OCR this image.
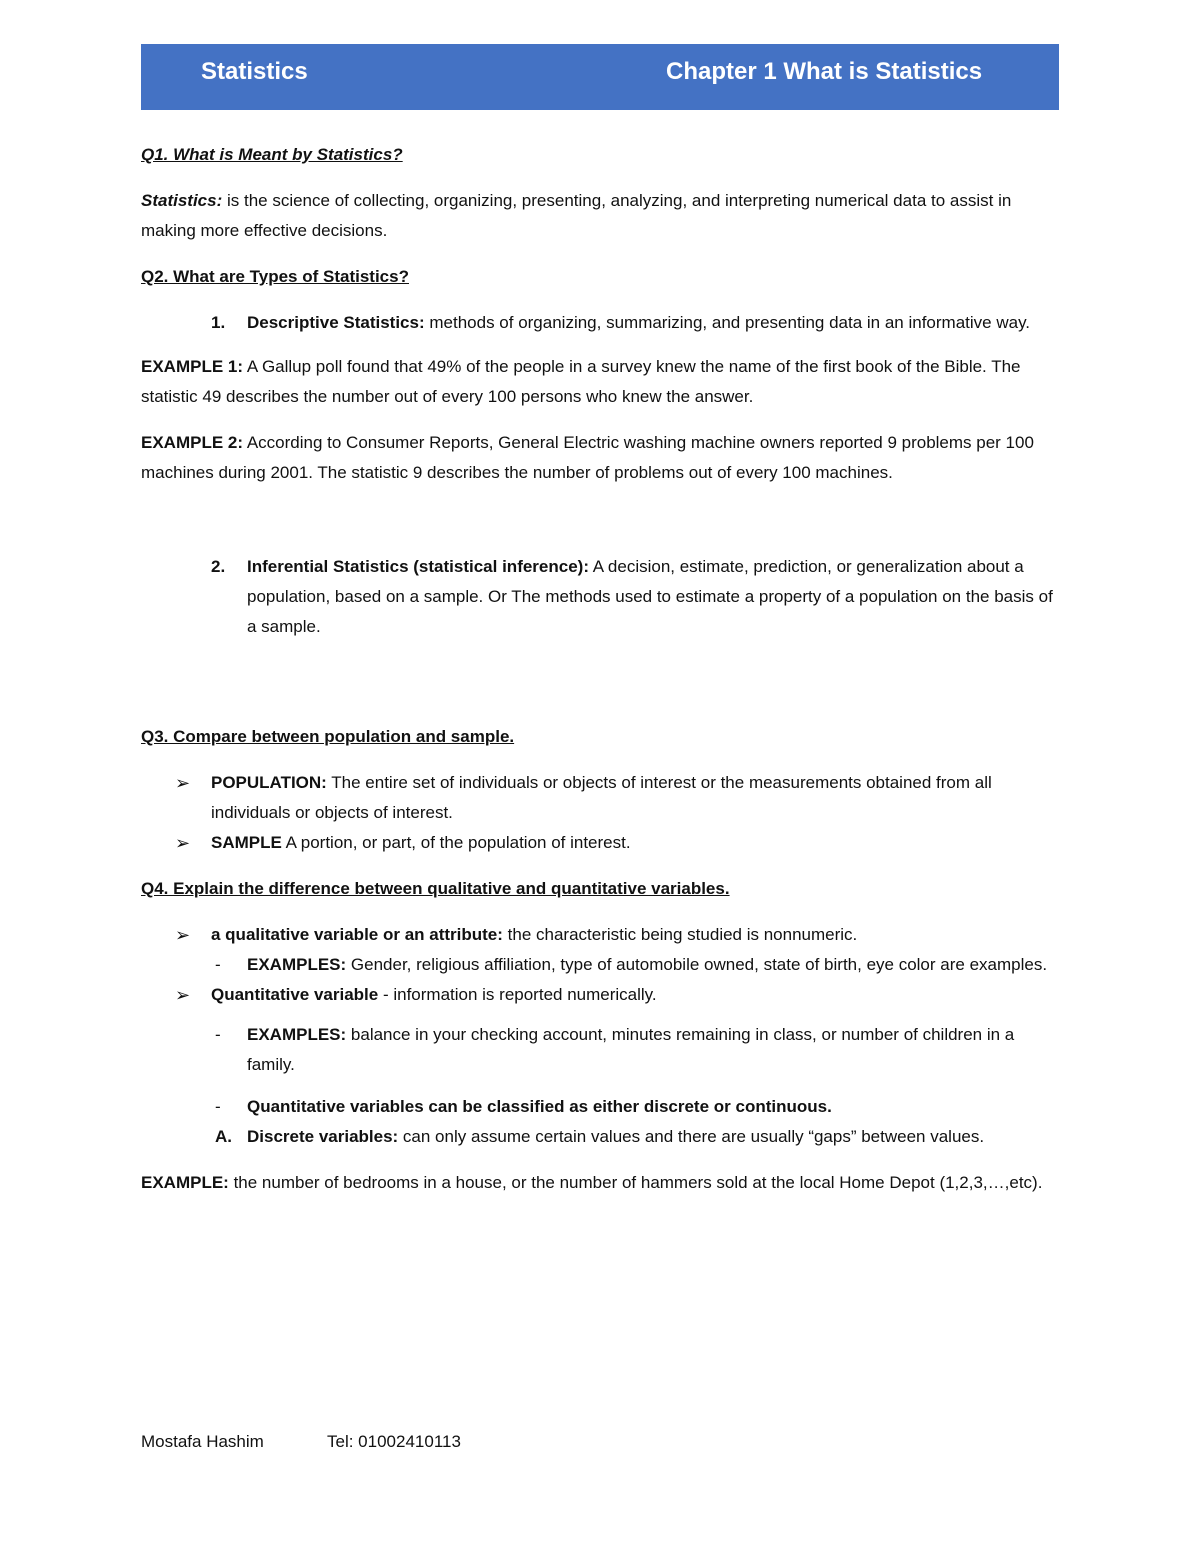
Statistics	Chapter 1 What is Statistics

Q1. What is Meant by Statistics?

Statistics: is the science of collecting, organizing, presenting, analyzing, and interpreting numerical data to assist in making more effective decisions.

Q2. What are Types of Statistics?

1. Descriptive Statistics: methods of organizing, summarizing, and presenting data in an informative way.

EXAMPLE 1: A Gallup poll found that 49% of the people in a survey knew the name of the first book of the Bible. The statistic 49 describes the number out of every 100 persons who knew the answer.

EXAMPLE 2: According to Consumer Reports, General Electric washing machine owners reported 9 problems per 100 machines during 2001. The statistic 9 describes the number of problems out of every 100 machines.

2. Inferential Statistics (statistical inference): A decision, estimate, prediction, or generalization about a population, based on a sample. Or The methods used to estimate a property of a population on the basis of a sample.

Q3. Compare between population and sample.

➢ POPULATION: The entire set of individuals or objects of interest or the measurements obtained from all individuals or objects of interest.
➢ SAMPLE A portion, or part, of the population of interest.

Q4. Explain the difference between qualitative and quantitative variables.

➢ a qualitative variable or an attribute: the characteristic being studied is nonnumeric.
- EXAMPLES: Gender, religious affiliation, type of automobile owned, state of birth, eye color are examples.
➢ Quantitative variable - information is reported numerically.
- EXAMPLES: balance in your checking account, minutes remaining in class, or number of children in a family.
- Quantitative variables can be classified as either discrete or continuous.
A. Discrete variables: can only assume certain values and there are usually “gaps” between values.

EXAMPLE: the number of bedrooms in a house, or the number of hammers sold at the local Home Depot (1,2,3,…,etc).

Mostafa Hashim	Tel: 01002410113
